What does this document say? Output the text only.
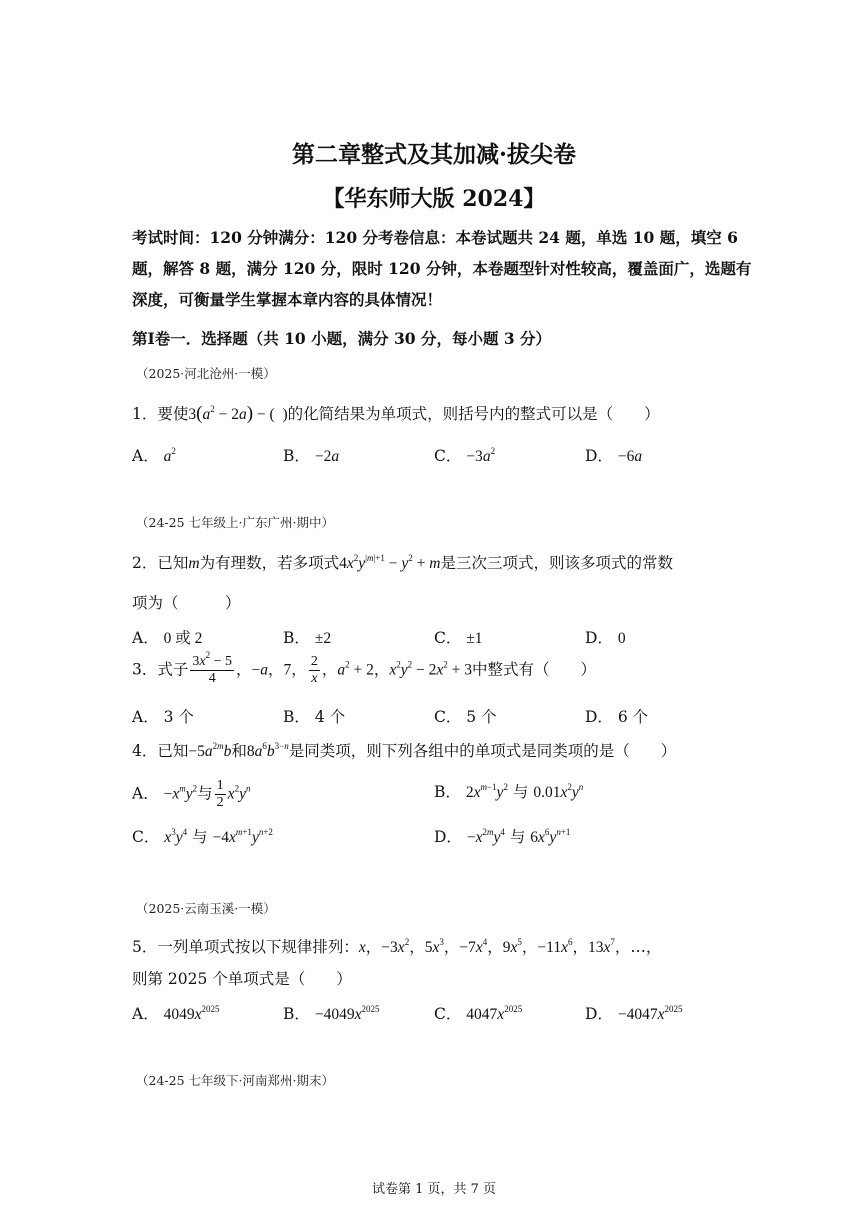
第二章整式及其加减·拔尖卷
【华东师大版 2024】
考试时间：120 分钟满分：120 分考卷信息：本卷试题共 24 题，单选 10 题，填空 6 题，解答 8 题，满分 120 分，限时 120 分钟，本卷题型针对性较高，覆盖面广，选题有深度，可衡量学生掌握本章内容的具体情况！
第Ⅰ卷一．选择题（共 10 小题，满分 30 分，每小题 3 分）
（2025·河北沧州·一模）
1．要使$3(a^2 - 2a)$ − (  )的化简结果为单项式，则括号内的整式可以是（　　）
A． $a^2$	B． −2a	C． $-3a^2$	D． −6a
（24-25 七年级上·广东广州·期中）
2．已知m为有理数，若多项式$4x^2y^{|m|+1} - y^2 + m$是三次三项式，则该多项式的常数
项为（　　　）
A． 0 或 2	B． ±2	C． ±1	D． 0
3．式子 $\frac{3x^2 - 5}{4}$ ，−a，7， $\frac{2}{x}$ ，$a^2 + 2$，$x^2y^2 - 2x^2 + 3$中整式有（　　）
A． 3 个	B． 4 个	C． 5 个	D． 6 个
4．已知$-5a^{2m}b$和$8a^6b^{3-n}$是同类项，则下列各组中的单项式是同类项的是（　　）
A． $-x^my^2$与 $\frac{1}{2} x^2y^n$	B． $2x^{m-1}y^2$ 与 $0.01x^2y^n$
C． $x^3y^4$ 与 $-4x^{m+1}y^{n+2}$	D． $-x^{2m}y^4$ 与 $6x^6y^{n+1}$
（2025·云南玉溪·一模）
5．一列单项式按以下规律排列：x，$-3x^2$，$5x^3$，$-7x^4$，$9x^5$，$-11x^6$，$13x^7$，…，
则第 2025 个单项式是（　　）
A． $4049x^{2025}$	B． $-4049x^{2025}$	C． $4047x^{2025}$	D． $-4047x^{2025}$
（24-25 七年级下·河南郑州·期末）
试卷第 1 页，共 7 页
